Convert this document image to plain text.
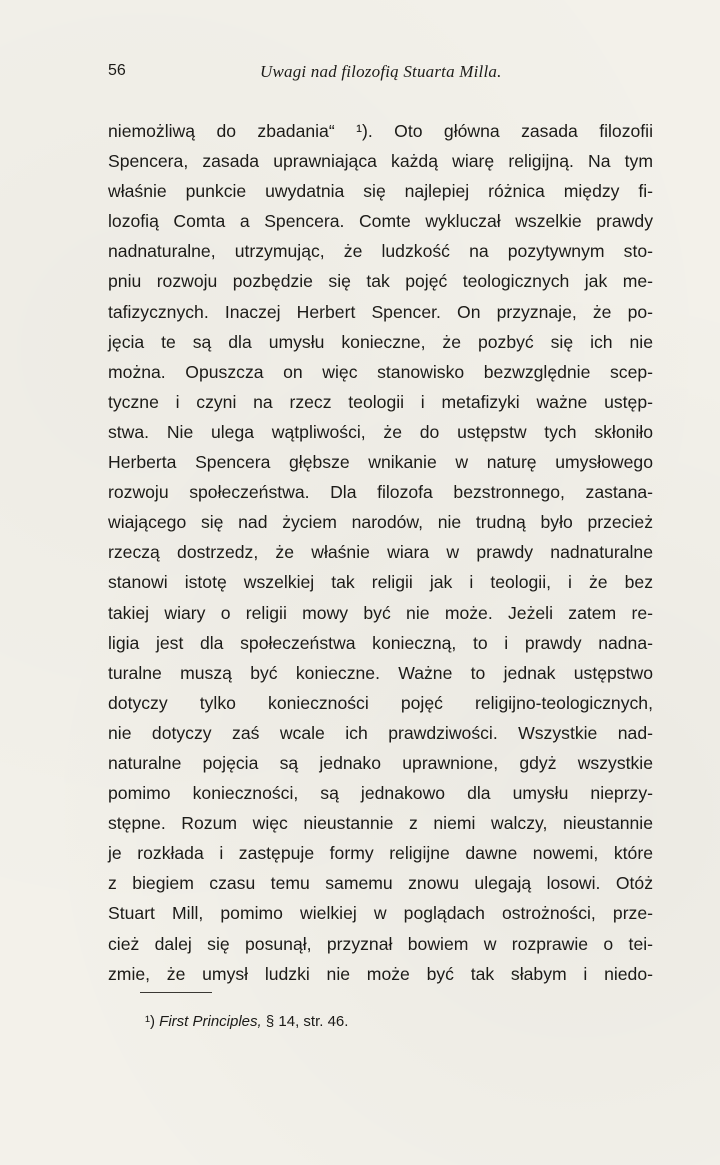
56	Uwagi nad filozofią Stuarta Milla.
niemożliwą do zbadania“ ¹). Oto główna zasada filozofii
Spencera, zasada uprawniająca każdą wiarę religijną. Na tym
właśnie punkcie uwydatnia się najlepiej różnica między fi-
lozofią Comta a Spencera. Comte wykluczał wszelkie prawdy
nadnaturalne, utrzymując, że ludzkość na pozytywnym sto-
pniu rozwoju pozbędzie się tak pojęć teologicznych jak me-
tafizycznych. Inaczej Herbert Spencer. On przyznaje, że po-
jęcia te są dla umysłu konieczne, że pozbyć się ich nie
można. Opuszcza on więc stanowisko bezwzględnie scep-
tyczne i czyni na rzecz teologii i metafizyki ważne ustęp-
stwa. Nie ulega wątpliwości, że do ustępstw tych skłoniło
Herberta Spencera głębsze wnikanie w naturę umysłowego
rozwoju społeczeństwa. Dla filozofa bezstronnego, zastana-
wiającego się nad życiem narodów, nie trudną było przecież
rzeczą dostrzedz, że właśnie wiara w prawdy nadnaturalne
stanowi istotę wszelkiej tak religii jak i teologii, i że bez
takiej wiary o religii mowy być nie może. Jeżeli zatem re-
ligia jest dla społeczeństwa konieczną, to i prawdy nadna-
turalne muszą być konieczne. Ważne to jednak ustępstwo
dotyczy tylko konieczności pojęć religijno-teologicznych,
nie dotyczy zaś wcale ich prawdziwości. Wszystkie nad-
naturalne pojęcia są jednako uprawnione, gdyż wszystkie
pomimo konieczności, są jednakowo dla umysłu nieprzy-
stępne. Rozum więc nieustannie z niemi walczy, nieustannie
je rozkłada i zastępuje formy religijne dawne nowemi, które
z biegiem czasu temu samemu znowu ulegają losowi. Otóż
Stuart Mill, pomimo wielkiej w poglądach ostrożności, prze-
cież dalej się posunął, przyznał bowiem w rozprawie o tei-
zmie, że umysł ludzki nie może być tak słabym i niedo-
¹) First Principles, § 14, str. 46.
